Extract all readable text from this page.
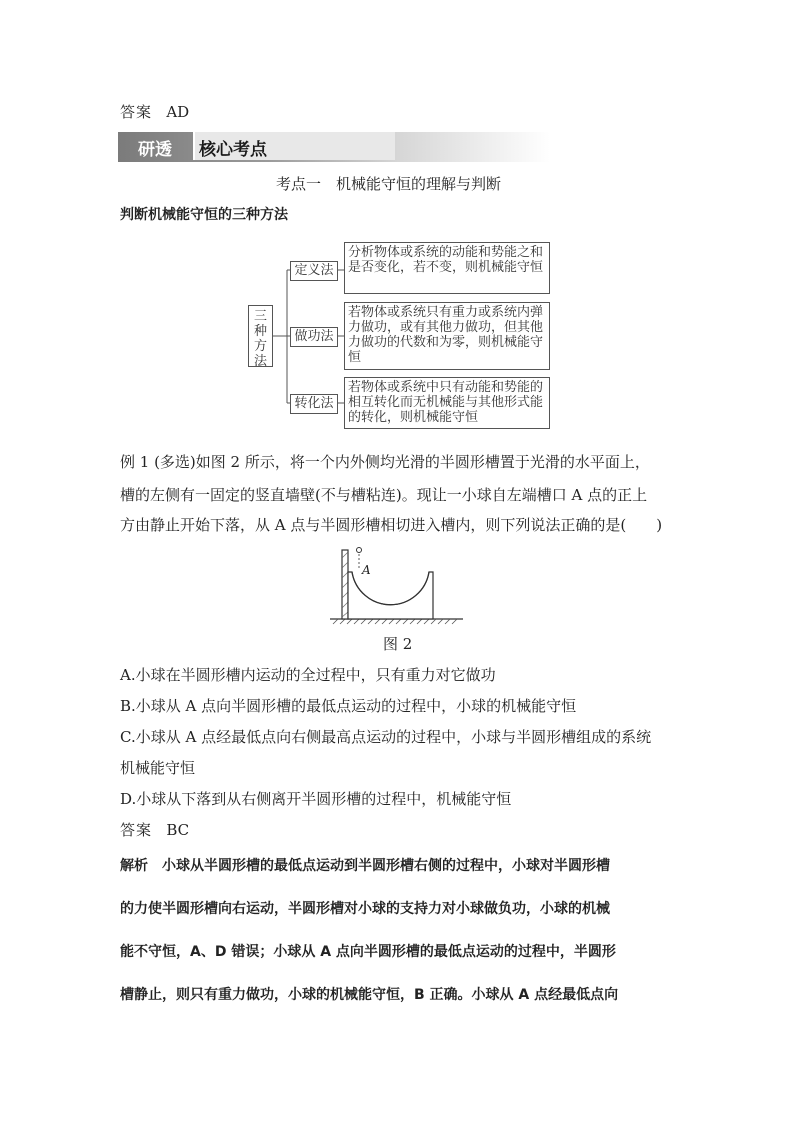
答案 AD
研透 核心考点
考点一　机械能守恒的理解与判断
判断机械能守恒的三种方法
三种方法
定义法
分析物体或系统的动能和势能之和是否变化，若不变，则机械能守恒
做功法
若物体或系统只有重力或系统内弹力做功，或有其他力做功，但其他力做功的代数和为零，则机械能守恒
转化法
若物体或系统中只有动能和势能的相互转化而无机械能与其他形式能的转化，则机械能守恒
例 1 (多选)如图 2 所示，将一个内外侧均光滑的半圆形槽置于光滑的水平面上，
槽的左侧有一固定的竖直墙壁(不与槽粘连)。现让一小球自左端槽口 A 点的正上
方由静止开始下落，从 A 点与半圆形槽相切进入槽内，则下列说法正确的是(　　)
A
图 2
A.小球在半圆形槽内运动的全过程中，只有重力对它做功
B.小球从 A 点向半圆形槽的最低点运动的过程中，小球的机械能守恒
C.小球从 A 点经最低点向右侧最高点运动的过程中，小球与半圆形槽组成的系统
机械能守恒
D.小球从下落到从右侧离开半圆形槽的过程中，机械能守恒
答案 BC
解析　小球从半圆形槽的最低点运动到半圆形槽右侧的过程中，小球对半圆形槽
的力使半圆形槽向右运动，半圆形槽对小球的支持力对小球做负功，小球的机械
能不守恒，A、D 错误；小球从 A 点向半圆形槽的最低点运动的过程中，半圆形
槽静止，则只有重力做功，小球的机械能守恒，B 正确。小球从 A 点经最低点向
